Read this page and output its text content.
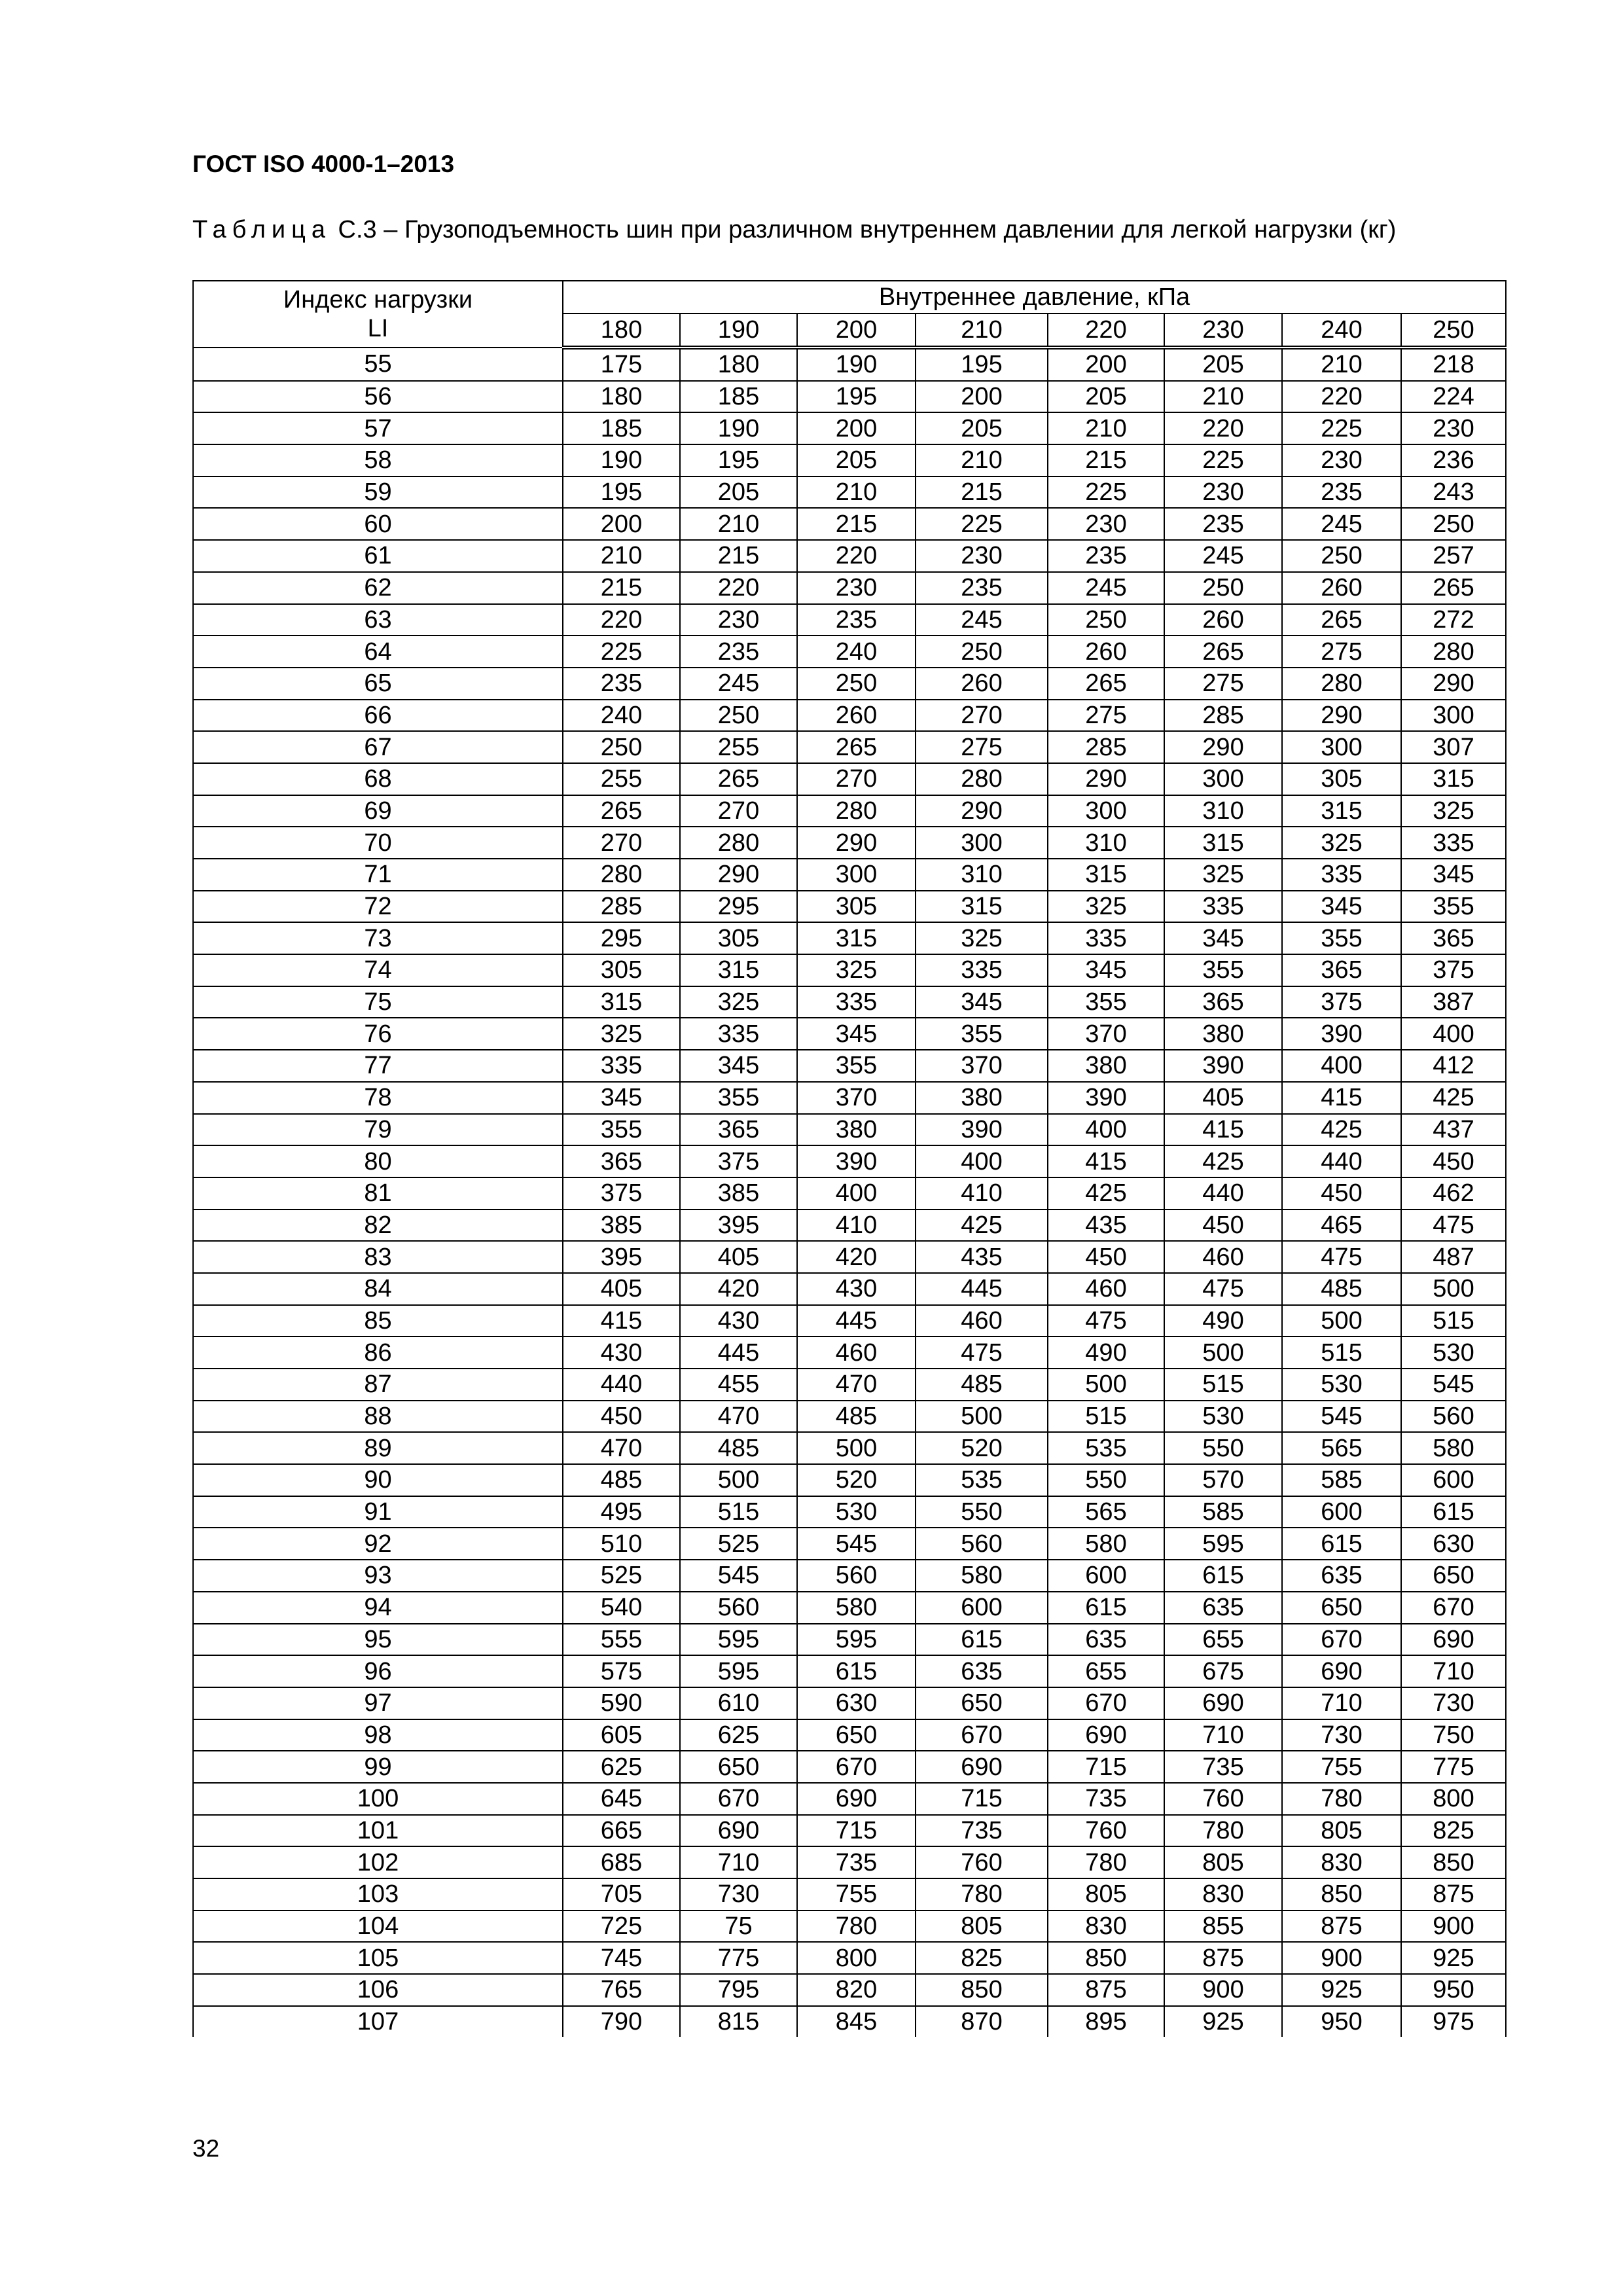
ГОСТ ISO 4000-1–2013
Таблица С.3 – Грузоподъемность шин при различном внутреннем давлении для легкой нагрузки (кг)
Индекс нагрузки
LI	Внутреннее давление, кПа							
	180	190	200	210	220	230	240	250
55	175	180	190	195	200	205	210	218
56	180	185	195	200	205	210	220	224
57	185	190	200	205	210	220	225	230
58	190	195	205	210	215	225	230	236
59	195	205	210	215	225	230	235	243
60	200	210	215	225	230	235	245	250
61	210	215	220	230	235	245	250	257
62	215	220	230	235	245	250	260	265
63	220	230	235	245	250	260	265	272
64	225	235	240	250	260	265	275	280
65	235	245	250	260	265	275	280	290
66	240	250	260	270	275	285	290	300
67	250	255	265	275	285	290	300	307
68	255	265	270	280	290	300	305	315
69	265	270	280	290	300	310	315	325
70	270	280	290	300	310	315	325	335
71	280	290	300	310	315	325	335	345
72	285	295	305	315	325	335	345	355
73	295	305	315	325	335	345	355	365
74	305	315	325	335	345	355	365	375
75	315	325	335	345	355	365	375	387
76	325	335	345	355	370	380	390	400
77	335	345	355	370	380	390	400	412
78	345	355	370	380	390	405	415	425
79	355	365	380	390	400	415	425	437
80	365	375	390	400	415	425	440	450
81	375	385	400	410	425	440	450	462
82	385	395	410	425	435	450	465	475
83	395	405	420	435	450	460	475	487
84	405	420	430	445	460	475	485	500
85	415	430	445	460	475	490	500	515
86	430	445	460	475	490	500	515	530
87	440	455	470	485	500	515	530	545
88	450	470	485	500	515	530	545	560
89	470	485	500	520	535	550	565	580
90	485	500	520	535	550	570	585	600
91	495	515	530	550	565	585	600	615
92	510	525	545	560	580	595	615	630
93	525	545	560	580	600	615	635	650
94	540	560	580	600	615	635	650	670
95	555	595	595	615	635	655	670	690
96	575	595	615	635	655	675	690	710
97	590	610	630	650	670	690	710	730
98	605	625	650	670	690	710	730	750
99	625	650	670	690	715	735	755	775
100	645	670	690	715	735	760	780	800
101	665	690	715	735	760	780	805	825
102	685	710	735	760	780	805	830	850
103	705	730	755	780	805	830	850	875
104	725	75	780	805	830	855	875	900
105	745	775	800	825	850	875	900	925
106	765	795	820	850	875	900	925	950
107	790	815	845	870	895	925	950	975
32
